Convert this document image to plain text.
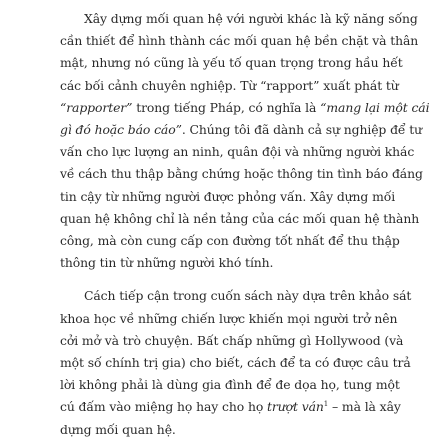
Xây dựng mối quan hệ với người khác là kỹ năng sống
cần thiết để hình thành các mối quan hệ bền chặt và thân
mật, nhưng nó cũng là yếu tố quan trọng trong hầu hết
các bối cảnh chuyên nghiệp. Từ “rapport” xuất phát từ
“rapporter” trong tiếng Pháp, có nghĩa là “mang lại một cái
gì đó hoặc báo cáo”. Chúng tôi đã dành cả sự nghiệp để tư
vấn cho lực lượng an ninh, quân đội và những người khác
về cách thu thập bằng chứng hoặc thông tin tình báo đáng
tin cậy từ những người được phỏng vấn. Xây dựng mối
quan hệ không chỉ là nền tảng của các mối quan hệ thành
công, mà còn cung cấp con đường tốt nhất để thu thập
thông tin từ những người khó tính.

Cách tiếp cận trong cuốn sách này dựa trên khảo sát
khoa học về những chiến lược khiến mọi người trở nên
cởi mở và trò chuyện. Bất chấp những gì Hollywood (và
một số chính trị gia) cho biết, cách để ta có được câu trả
lời không phải là dùng gia đình để đe dọa họ, tung một
cú đấm vào miệng họ hay cho họ trượt ván$^1$ – mà là xây
dựng mối quan hệ.
